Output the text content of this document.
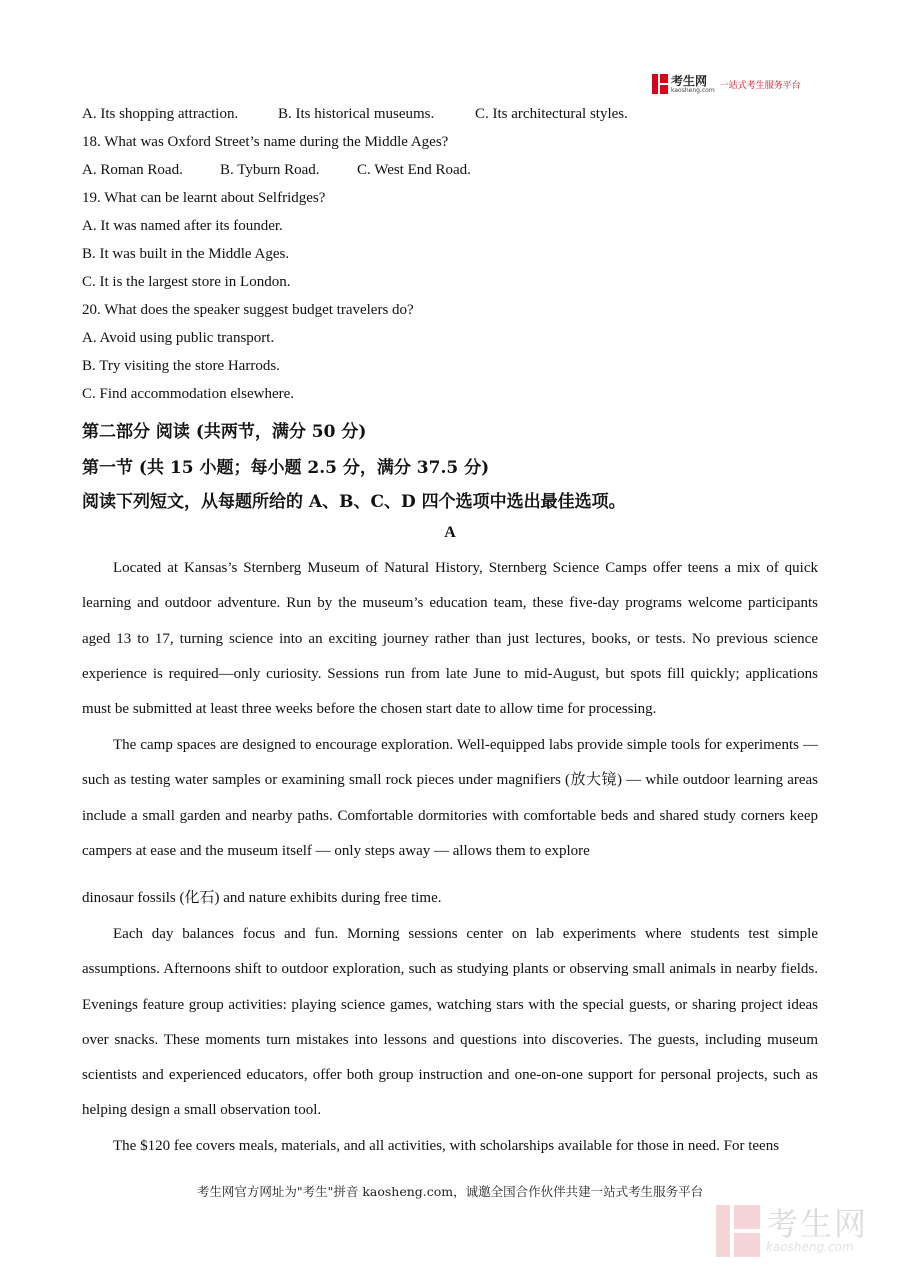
考生网
kaosheng.com 一站式考生服务平台
A. Its shopping attraction.	B. Its historical museums.	C. Its architectural styles.
18. What was Oxford Street’s name during the Middle Ages?
A. Roman Road. B. Tyburn Road. C. West End Road.
19. What can be learnt about Selfridges?
A. It was named after its founder.
B. It was built in the Middle Ages.
C. It is the largest store in London.
20. What does the speaker suggest budget travelers do?
A. Avoid using public transport.
B. Try visiting the store Harrods.
C. Find accommodation elsewhere.
第二部分 阅读 (共两节，满分 50 分)
第一节 (共 15 小题；每小题 2.5 分，满分 37.5 分)
阅读下列短文，从每题所给的 A、B、C、D 四个选项中选出最佳选项。
A

Located at Kansas’s Sternberg Museum of Natural History, Sternberg Science Camps offer teens a mix of quick learning and outdoor adventure. Run by the museum’s education team, these five-day programs welcome participants aged 13 to 17, turning science into an exciting journey rather than just lectures, books, or tests. No previous science experience is required—only curiosity. Sessions run from late June to mid-August, but spots fill quickly; applications must be submitted at least three weeks before the chosen start date to allow time for processing.

The camp spaces are designed to encourage exploration. Well-equipped labs provide simple tools for experiments — such as testing water samples or examining small rock pieces under magnifiers (放大镜) — while outdoor learning areas include a small garden and nearby paths. Comfortable dormitories with comfortable beds and shared study corners keep campers at ease and the museum itself — only steps away — allows them to explore

dinosaur fossils (化石) and nature exhibits during free time.

Each day balances focus and fun. Morning sessions center on lab experiments where students test simple assumptions. Afternoons shift to outdoor exploration, such as studying plants or observing small animals in nearby fields. Evenings feature group activities: playing science games, watching stars with the special guests, or sharing project ideas over snacks. These moments turn mistakes into lessons and questions into discoveries. The guests, including museum scientists and experienced educators, offer both group instruction and one-on-one support for personal projects, such as helping design a small observation tool.

The $120 fee covers meals, materials, and all activities, with scholarships available for those in need. For teens

考生网官方网址为"考生"拼音 kaosheng.com，诚邀全国合作伙伴共建一站式考生服务平台
考生网
kaosheng.com
